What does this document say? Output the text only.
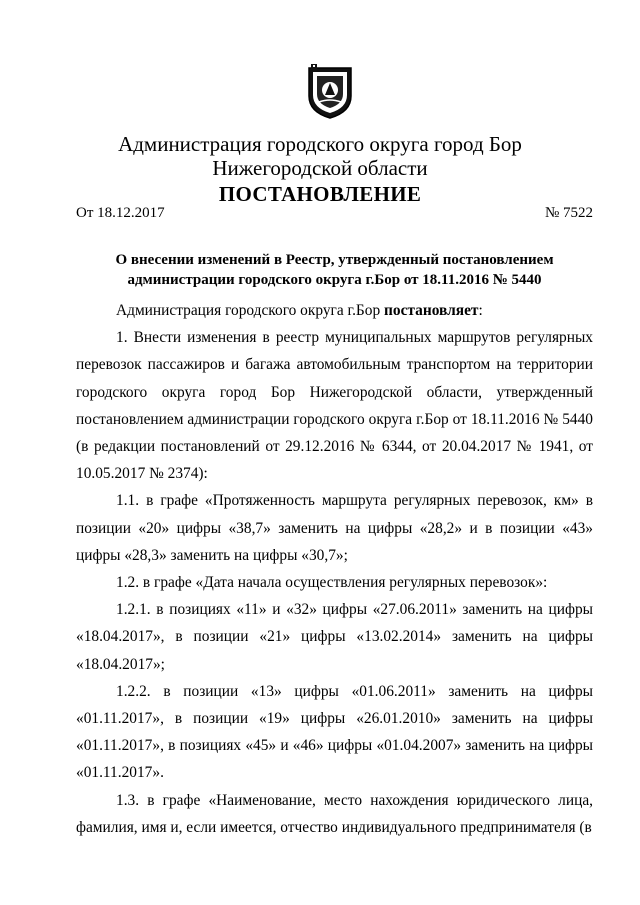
Администрация городского округа город Бор
Нижегородской области
ПОСТАНОВЛЕНИЕ
От 18.12.2017	№ 7522
О внесении изменений в Реестр, утвержденный постановлением
администрации городского округа г.Бор от 18.11.2016 № 5440

Администрация городского округа г.Бор постановляет:

1. Внести изменения в реестр муниципальных маршрутов регулярных перевозок пассажиров и багажа автомобильным транспортом на территории городского округа город Бор Нижегородской области, утвержденный постановлением администрации городского округа г.Бор от 18.11.2016 № 5440 (в редакции постановлений от 29.12.2016 № 6344, от 20.04.2017 № 1941, от 10.05.2017 № 2374):

1.1. в графе «Протяженность маршрута регулярных перевозок, км» в позиции «20» цифры «38,7» заменить на цифры «28,2» и в позиции «43» цифры «28,3» заменить на цифры «30,7»;

1.2. в графе «Дата начала осуществления регулярных перевозок»:

1.2.1. в позициях «11» и «32» цифры «27.06.2011» заменить на цифры «18.04.2017», в позиции «21» цифры «13.02.2014» заменить на цифры «18.04.2017»;

1.2.2. в позиции «13» цифры «01.06.2011» заменить на цифры «01.11.2017», в позиции «19» цифры «26.01.2010» заменить на цифры «01.11.2017», в позициях «45» и «46» цифры «01.04.2007» заменить на цифры «01.11.2017».

1.3. в графе «Наименование, место нахождения юридического лица, фамилия, имя и, если имеется, отчество индивидуального предпринимателя (в
